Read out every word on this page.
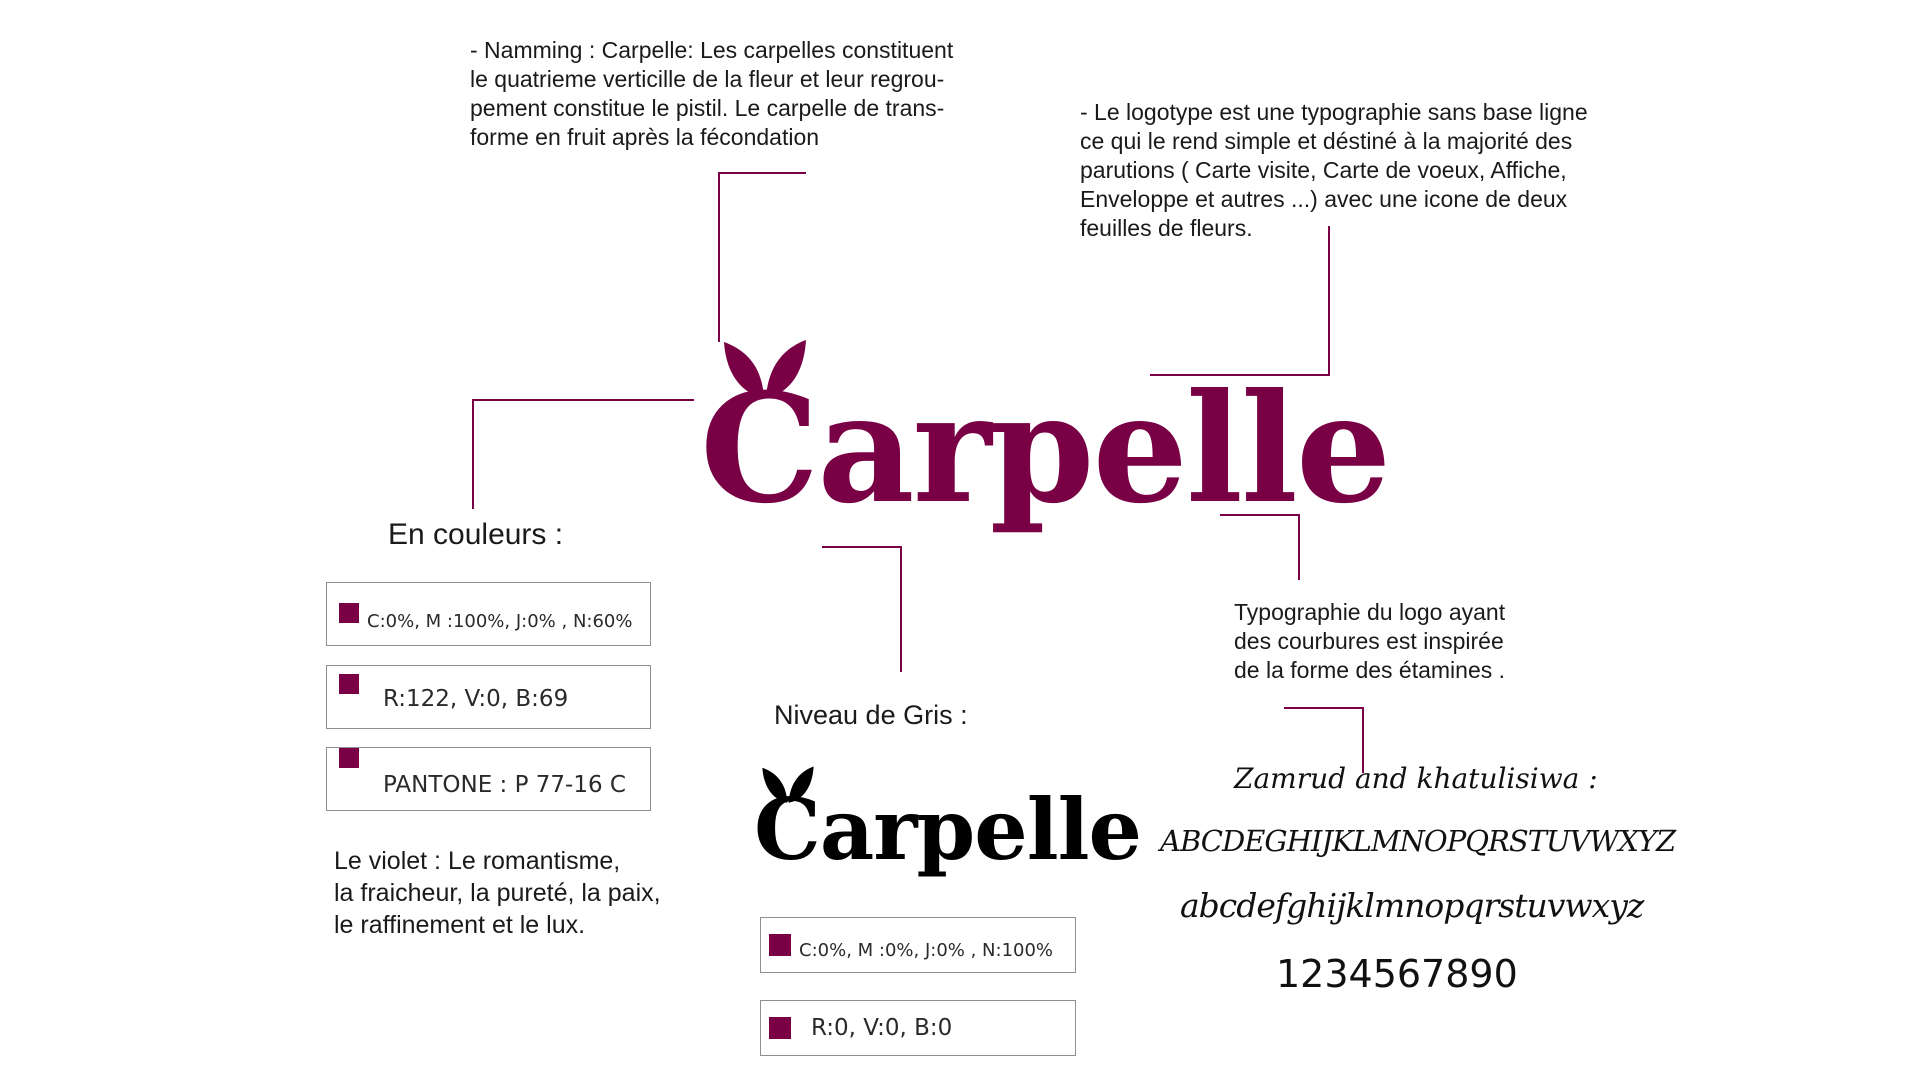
- Namming : Carpelle: Les carpelles constituent
le quatrieme verticille de la fleur et leur regrou-
pement constitue le pistil. Le carpelle de trans-
forme en fruit après la fécondation
- Le logotype est une typographie sans base ligne
ce qui le rend simple et déstiné à la majorité des
parutions ( Carte visite, Carte de voeux, Affiche,
Enveloppe et autres ...) avec une icone de deux
feuilles de fleurs.
Carpelle
En couleurs :
C:0%, M :100%, J:0% , N:60%
R:122, V:0, B:69
PANTONE : P 77-16 C
Le violet : Le romantisme,
la fraicheur, la pureté, la paix,
le raffinement et le lux.
Niveau de Gris :
Carpelle
C:0%, M :0%, J:0% , N:100%
R:0, V:0, B:0
Typographie du logo ayant
des courbures est inspirée
de la forme des étamines .
Zamrud and khatulisiwa :
ABCDEGHIJKLMNOPQRSTUVWXYZ
abcdefghijklmnopqrstuvwxyz
1234567890
